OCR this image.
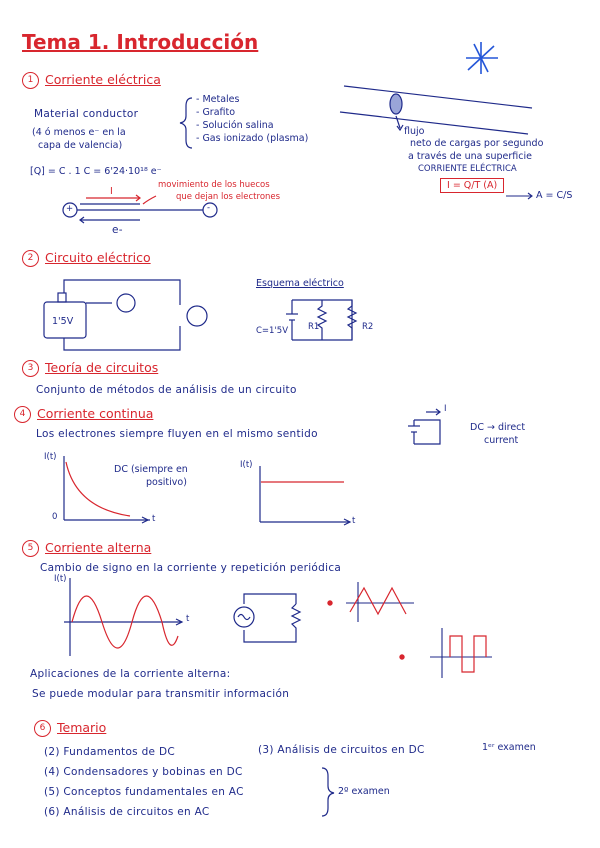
Tema 1. Introducción
1 Corriente eléctrica
Material conductor
(4 ó menos e⁻ en la
capa de valencia)
- Metales
- Grafito
- Solución salina
- Gas ionizado (plasma)
flujo
neto de cargas por segundo
a través de una superficie
CORRIENTE ELÉCTRICA
I = Q/T (A)
A = C/S
[Q] = C . 1 C = 6'24·10¹⁸ e⁻
movimiento de los huecos
que dejan los electrones
I
+	-
e-
2 Circuito eléctrico
1'5V
Esquema eléctrico
C=1'5V R1	R2
3 Teoría de circuitos
Conjunto de métodos de análisis de un circuito
4 Corriente continua
Los electrones siempre fluyen en el mismo sentido
I
DC → direct
current
I(t)
t
0
DC (siempre en
positivo)
I(t)
t
5 Corriente alterna
Cambio de signo en la corriente y repetición periódica
I(t)
t
Aplicaciones de la corriente alterna:
Se puede modular para transmitir información
6 Temario
(2) Fundamentos de DC	(3) Análisis de circuitos en DC	1ᵉʳ examen
(4) Condensadores y bobinas en DC
(5) Conceptos fundamentales en AC
(6) Análisis de circuitos en AC
2º examen
